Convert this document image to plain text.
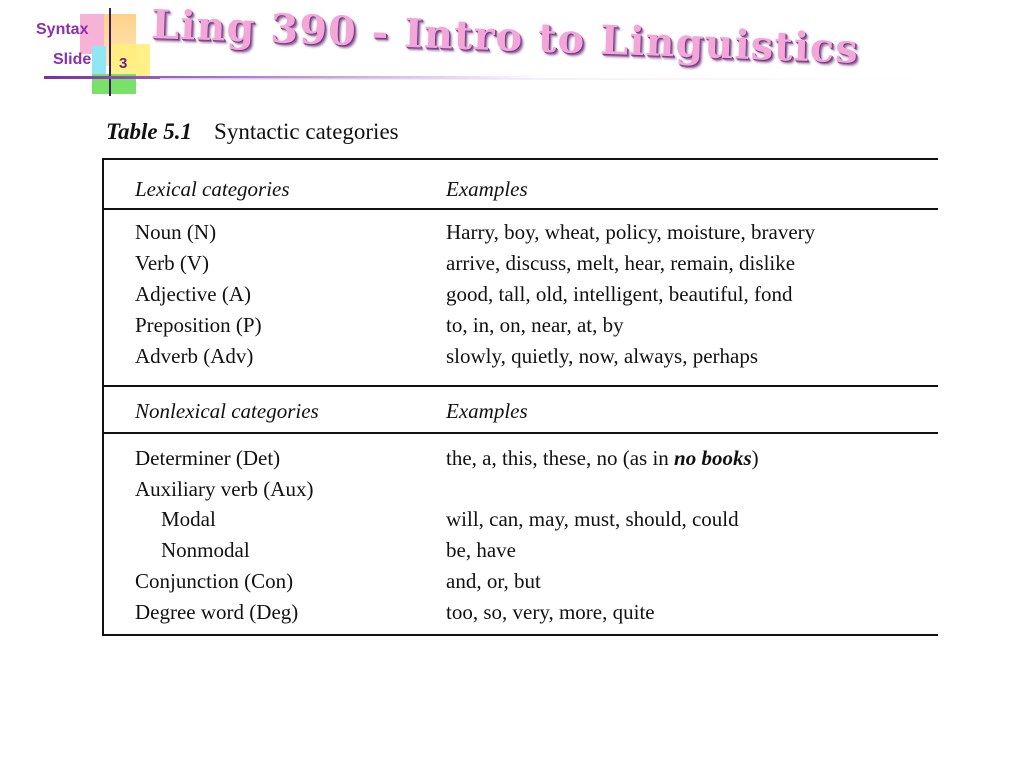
Syntax
Slide 3 Ling 390 - Intro to Linguistics
Table 5.1 Syntactic categories
Lexical categories	Examples
Noun (N)	Harry, boy, wheat, policy, moisture, bravery
Verb (V)	arrive, discuss, melt, hear, remain, dislike
Adjective (A)	good, tall, old, intelligent, beautiful, fond
Preposition (P)	to, in, on, near, at, by
Adverb (Adv)	slowly, quietly, now, always, perhaps
Nonlexical categories	Examples
Determiner (Det)	the, a, this, these, no (as in no books)
Auxiliary verb (Aux)
Modal	will, can, may, must, should, could
Nonmodal	be, have
Conjunction (Con)	and, or, but
Degree word (Deg)	too, so, very, more, quite
